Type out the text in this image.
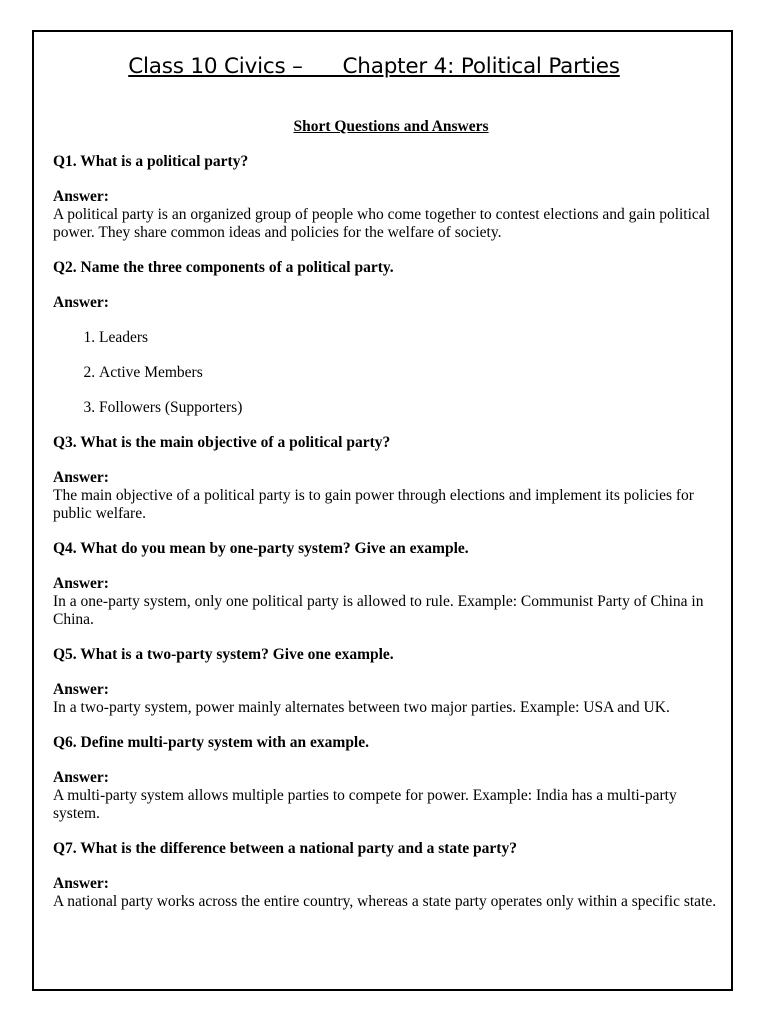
Class 10 Civics –      Chapter 4: Political Parties

Short Questions and Answers

Q1. What is a political party?

Answer:

A political party is an organized group of people who come together to contest elections and gain political power. They share common ideas and policies for the welfare of society.

Q2. Name the three components of a political party.

Answer:

1. Leaders
2. Active Members
3. Followers (Supporters)

Q3. What is the main objective of a political party?

Answer:

The main objective of a political party is to gain power through elections and implement its policies for public welfare.

Q4. What do you mean by one-party system? Give an example.

Answer:

In a one-party system, only one political party is allowed to rule. Example: Communist Party of China in China.

Q5. What is a two-party system? Give one example.

Answer:

In a two-party system, power mainly alternates between two major parties. Example: USA and UK.

Q6. Define multi-party system with an example.

Answer:

A multi-party system allows multiple parties to compete for power. Example: India has a multi-party system.

Q7. What is the difference between a national party and a state party?

Answer:

A national party works across the entire country, whereas a state party operates only within a specific state.
